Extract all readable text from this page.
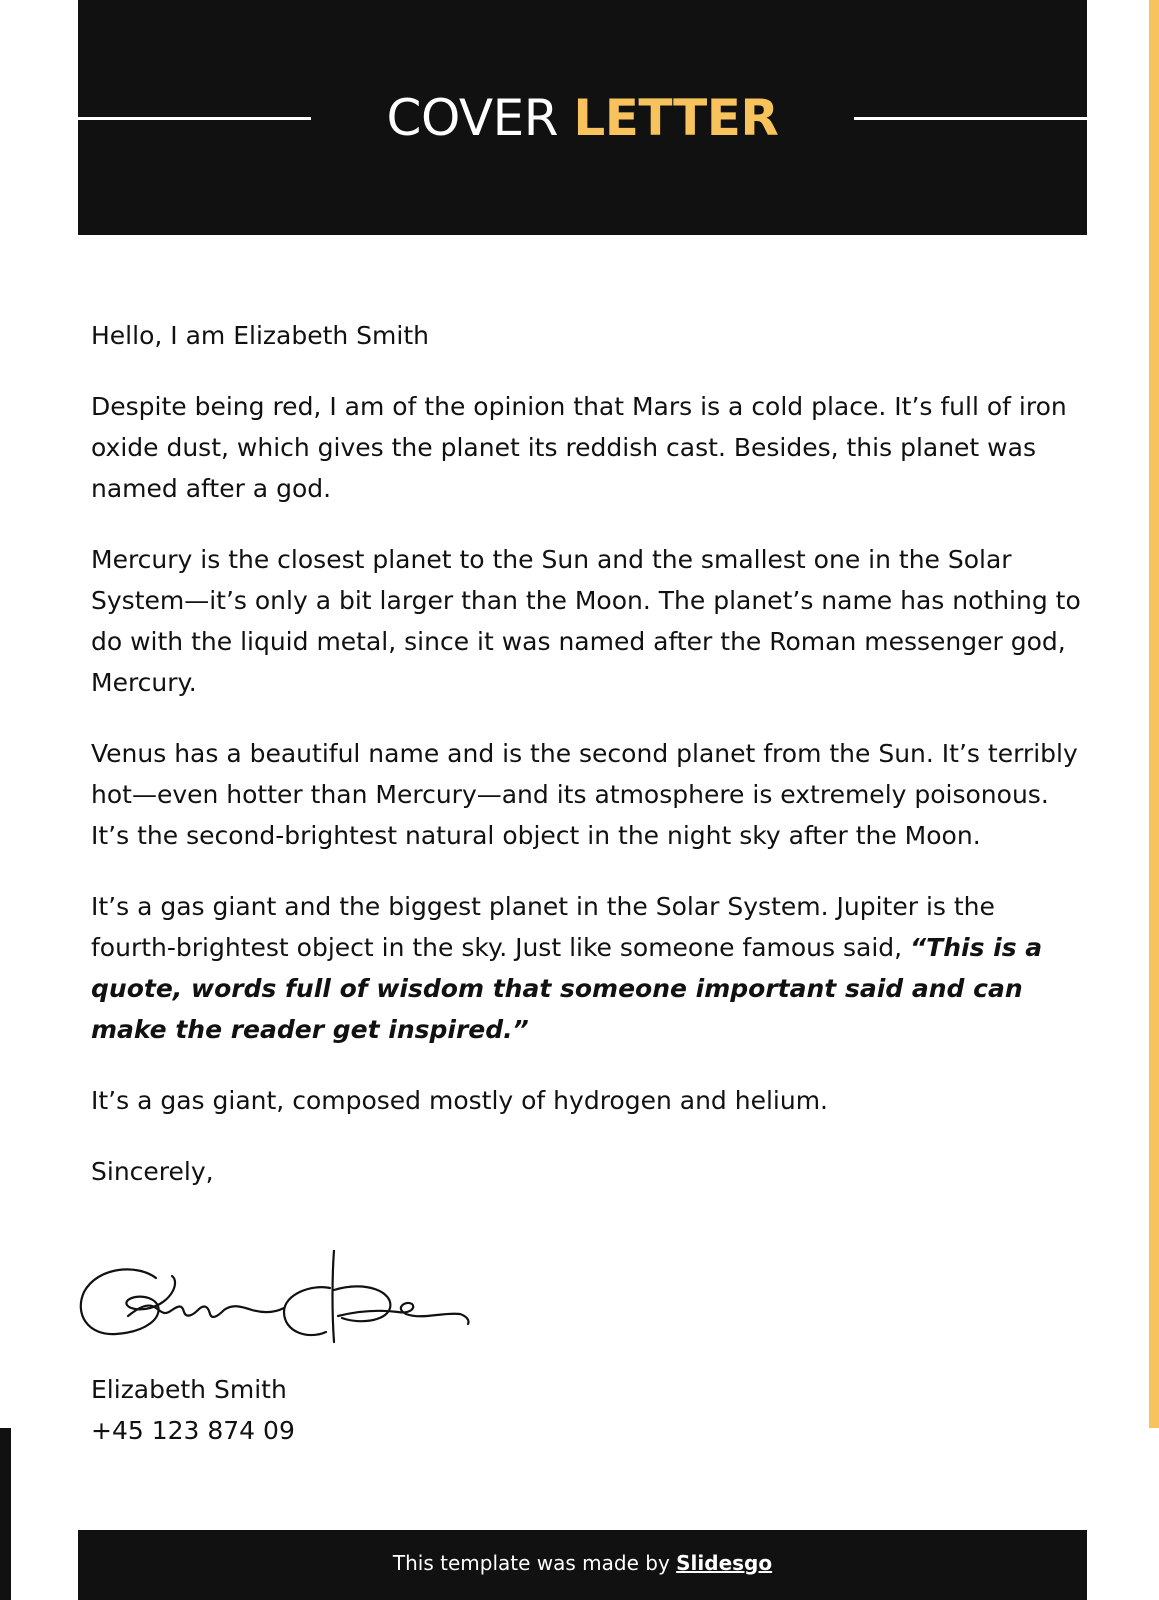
COVER LETTER

Hello, I am Elizabeth Smith

Despite being red, I am of the opinion that Mars is a cold place. It’s full of iron oxide dust, which gives the planet its reddish cast. Besides, this planet was named after a god.

Mercury is the closest planet to the Sun and the smallest one in the Solar System—it’s only a bit larger than the Moon. The planet’s name has nothing to do with the liquid metal, since it was named after the Roman messenger god, Mercury.

Venus has a beautiful name and is the second planet from the Sun. It’s terribly hot—even hotter than Mercury—and its atmosphere is extremely poisonous. It’s the second-brightest natural object in the night sky after the Moon.

It’s a gas giant and the biggest planet in the Solar System. Jupiter is the fourth-brightest object in the sky. Just like someone famous said, “This is a quote, words full of wisdom that someone important said and can make the reader get inspired.”

It’s a gas giant, composed mostly of hydrogen and helium.

Sincerely,

Elizabeth Smith
+45 123 874 09
This template was made by Slidesgo
